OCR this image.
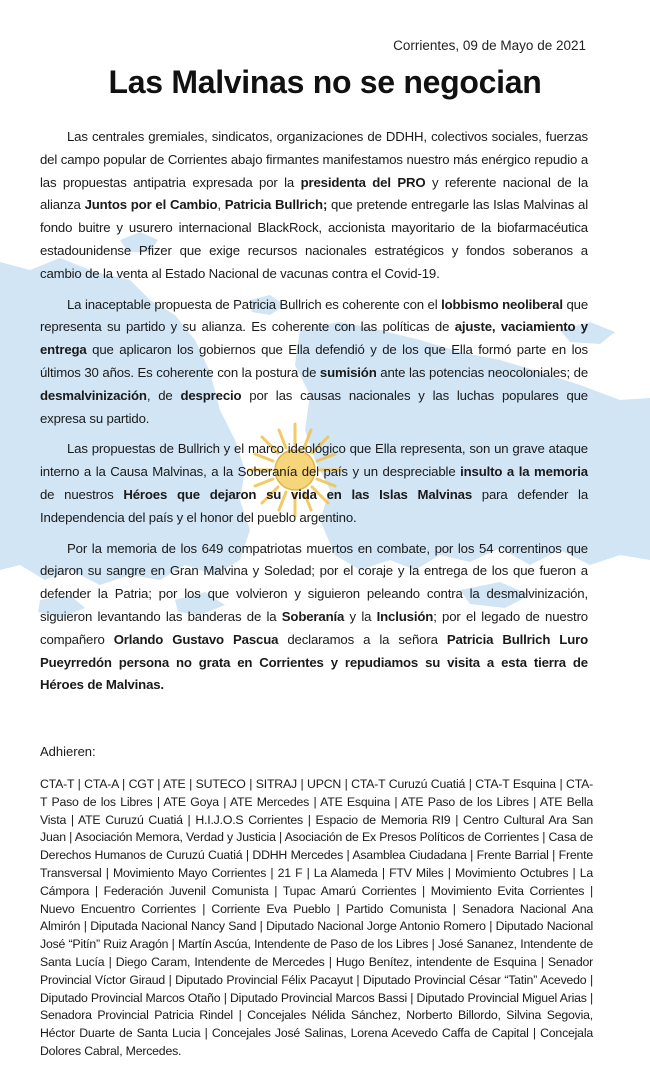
Corrientes, 09 de Mayo de 2021
Las Malvinas no se negocian

Las centrales gremiales, sindicatos, organizaciones de DDHH, colectivos sociales, fuerzas del campo popular de Corrientes abajo firmantes manifestamos nuestro más enérgico repudio a las propuestas antipatria expresada por la presidenta del PRO y referente nacional de la alianza Juntos por el Cambio, Patricia Bullrich; que pretende entregarle las Islas Malvinas al fondo buitre y usurero internacional BlackRock, accionista mayoritario de la biofarmacéutica estadounidense Pfizer que exige recursos nacionales estratégicos y fondos soberanos a cambio de la venta al Estado Nacional de vacunas contra el Covid-19.

La inaceptable propuesta de Patricia Bullrich es coherente con el lobbismo neoliberal que representa su partido y su alianza. Es coherente con las políticas de ajuste, vaciamiento y entrega que aplicaron los gobiernos que Ella defendió y de los que Ella formó parte en los últimos 30 años. Es coherente con la postura de sumisión ante las potencias neocoloniales; de desmalvinización, de desprecio por las causas nacionales y las luchas populares que expresa su partido.

Las propuestas de Bullrich y el marco ideológico que Ella representa, son un grave ataque interno a la Causa Malvinas, a la Soberanía del país y un despreciable insulto a la memoria de nuestros Héroes que dejaron su vida en las Islas Malvinas para defender la Independencia del país y el honor del pueblo argentino.

Por la memoria de los 649 compatriotas muertos en combate, por los 54 correntinos que dejaron su sangre en Gran Malvina y Soledad; por el coraje y la entrega de los que fueron a defender la Patria; por los que volvieron y siguieron peleando contra la desmalvinización, siguieron levantando las banderas de la Soberanía y la Inclusión; por el legado de nuestro compañero Orlando Gustavo Pascua declaramos a la señora Patricia Bullrich Luro Pueyrredón persona no grata en Corrientes y repudiamos su visita a esta tierra de Héroes de Malvinas.

Adhieren:
CTA-T | CTA-A | CGT | ATE | SUTECO | SITRAJ | UPCN | CTA-T Curuzú Cuatiá | CTA-T Esquina | CTA-T Paso de los Libres | ATE Goya | ATE Mercedes | ATE Esquina | ATE Paso de los Libres | ATE Bella Vista | ATE Curuzú Cuatiá | H.I.J.O.S Corrientes | Espacio de Memoria RI9 | Centro Cultural Ara San Juan | Asociación Memora, Verdad y Justicia | Asociación de Ex Presos Políticos de Corrientes | Casa de Derechos Humanos de Curuzú Cuatiá | DDHH Mercedes | Asamblea Ciudadana | Frente Barrial | Frente Transversal | Movimiento Mayo Corrientes | 21 F | La Alameda | FTV Miles | Movimiento Octubres | La Cámpora | Federación Juvenil Comunista | Tupac Amarú Corrientes | Movimiento Evita Corrientes | Nuevo Encuentro Corrientes | Corriente Eva Pueblo | Partido Comunista | Senadora Nacional Ana Almirón | Diputada Nacional Nancy Sand | Diputado Nacional Jorge Antonio Romero | Diputado Nacional José “Pitín” Ruiz Aragón | Martín Ascúa, Intendente de Paso de los Libres | José Sananez, Intendente de Santa Lucía | Diego Caram, Intendente de Mercedes | Hugo Benítez, intendente de Esquina | Senador Provincial Víctor Giraud | Diputado Provincial Félix Pacayut | Diputado Provincial César “Tatin” Acevedo | Diputado Provincial Marcos Otaño | Diputado Provincial Marcos Bassi | Diputado Provincial Miguel Arias | Senadora Provincial Patricia Rindel | Concejales Nélida Sánchez, Norberto Billordo, Silvina Segovia, Héctor Duarte de Santa Lucia | Concejales José Salinas, Lorena Acevedo Caffa de Capital | Concejala Dolores Cabral, Mercedes.
